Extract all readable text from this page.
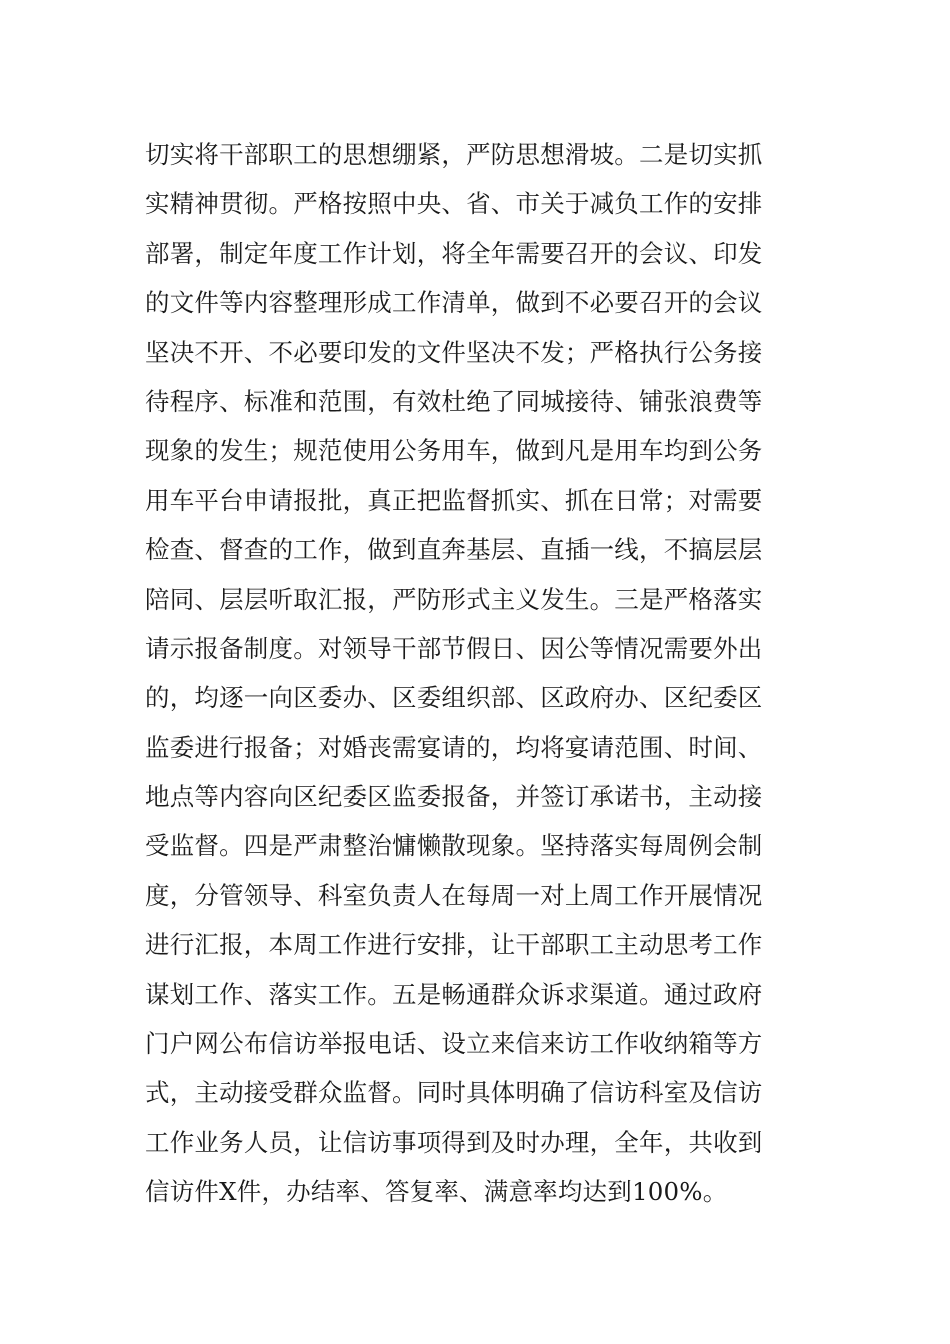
切实将干部职工的思想绷紧，严防思想滑坡。二是切实抓
实精神贯彻。严格按照中央、省、市关于减负工作的安排
部署，制定年度工作计划，将全年需要召开的会议、印发
的文件等内容整理形成工作清单，做到不必要召开的会议
坚决不开、不必要印发的文件坚决不发；严格执行公务接
待程序、标准和范围，有效杜绝了同城接待、铺张浪费等
现象的发生；规范使用公务用车，做到凡是用车均到公务
用车平台申请报批，真正把监督抓实、抓在日常；对需要
检查、督查的工作，做到直奔基层、直插一线，不搞层层
陪同、层层听取汇报，严防形式主义发生。三是严格落实
请示报备制度。对领导干部节假日、因公等情况需要外出
的，均逐一向区委办、区委组织部、区政府办、区纪委区
监委进行报备；对婚丧需宴请的，均将宴请范围、时间、
地点等内容向区纪委区监委报备，并签订承诺书，主动接
受监督。四是严肃整治慵懒散现象。坚持落实每周例会制
度，分管领导、科室负责人在每周一对上周工作开展情况
进行汇报，本周工作进行安排，让干部职工主动思考工作
谋划工作、落实工作。五是畅通群众诉求渠道。通过政府
门户网公布信访举报电话、设立来信来访工作收纳箱等方
式，主动接受群众监督。同时具体明确了信访科室及信访
工作业务人员，让信访事项得到及时办理，全年，共收到
信访件X件，办结率、答复率、满意率均达到100%。
